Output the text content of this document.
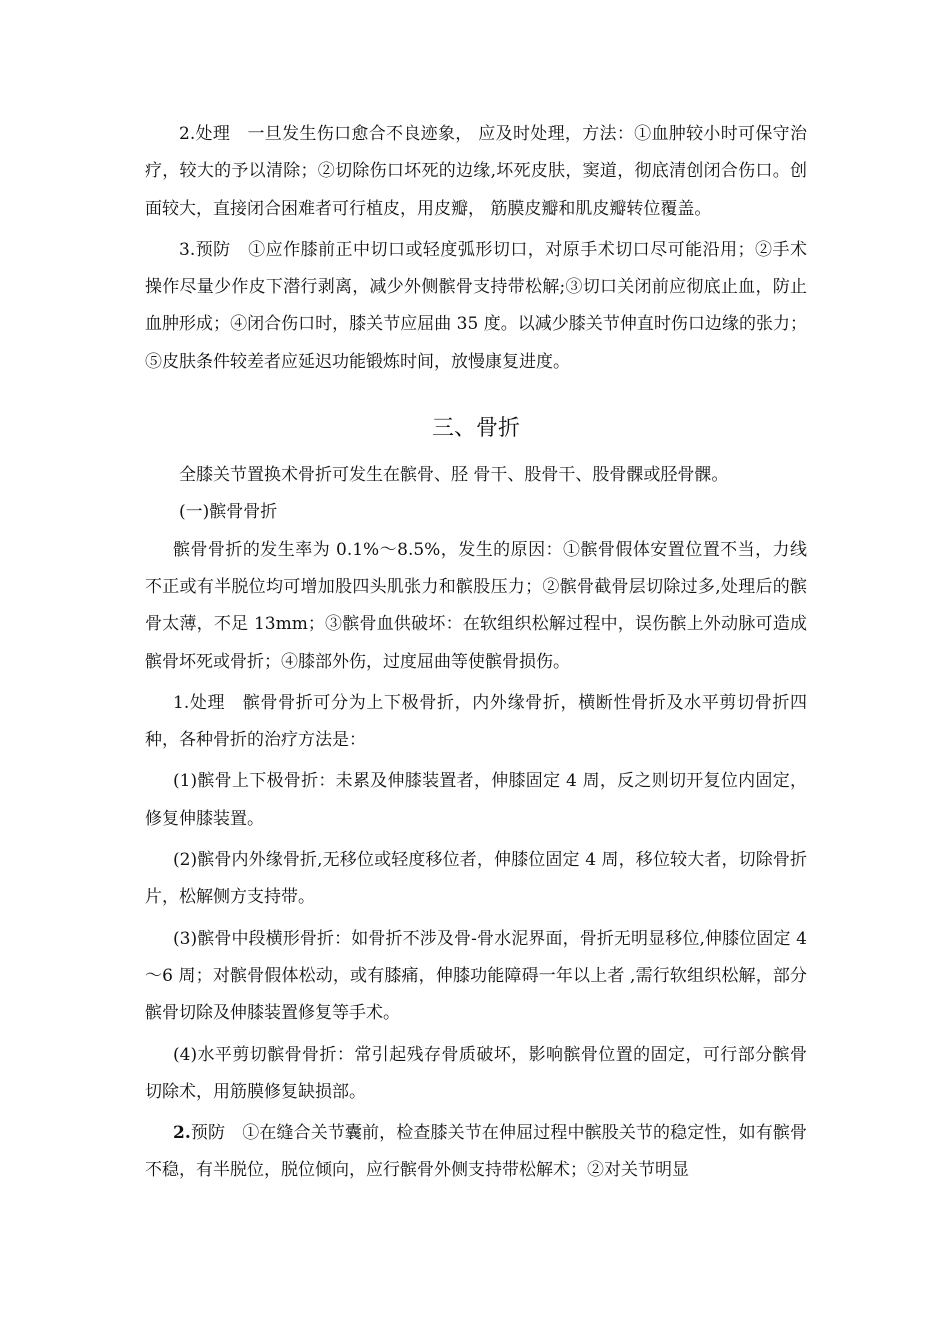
2.处理　一旦发生伤口愈合不良迹象， 应及时处理，方法：①血肿较小时可保守治疗，较大的予以清除；②切除伤口坏死的边缘,坏死皮肤，窦道，彻底清创闭合伤口。创面较大，直接闭合困难者可行植皮，用皮瓣， 筋膜皮瓣和肌皮瓣转位覆盖。

3.预防　①应作膝前正中切口或轻度弧形切口，对原手术切口尽可能沿用；②手术操作尽量少作皮下潜行剥离，减少外侧髌骨支持带松解;③切口关闭前应彻底止血，防止血肿形成；④闭合伤口时，膝关节应屈曲 35 度。以减少膝关节伸直时伤口边缘的张力；⑤皮肤条件较差者应延迟功能锻炼时间，放慢康复进度。

三、骨折

全膝关节置换术骨折可发生在髌骨、胫 骨干、股骨干、股骨髁或胫骨髁。

(一)髌骨骨折

髌骨骨折的发生率为 0.1%～8.5%，发生的原因：①髌骨假体安置位置不当，力线不正或有半脱位均可增加股四头肌张力和髌股压力；②髌骨截骨层切除过多,处理后的髌骨太薄，不足 13mm；③髌骨血供破坏：在软组织松解过程中，误伤髌上外动脉可造成髌骨坏死或骨折；④膝部外伤，过度屈曲等使髌骨损伤。

1.处理　髌骨骨折可分为上下极骨折，内外缘骨折，横断性骨折及水平剪切骨折四种，各种骨折的治疗方法是：

(1)髌骨上下极骨折：未累及伸膝装置者，伸膝固定 4 周，反之则切开复位内固定，修复伸膝装置。

(2)髌骨内外缘骨折,无移位或轻度移位者，伸膝位固定 4 周，移位较大者，切除骨折片，松解侧方支持带。

(3)髌骨中段横形骨折：如骨折不涉及骨-骨水泥界面，骨折无明显移位,伸膝位固定 4～6 周；对髌骨假体松动，或有膝痛，伸膝功能障碍一年以上者 ,需行软组织松解，部分髌骨切除及伸膝装置修复等手术。

(4)水平剪切髌骨骨折：常引起残存骨质破坏，影响髌骨位置的固定，可行部分髌骨切除术，用筋膜修复缺损部。

2.预防　①在缝合关节囊前，检查膝关节在伸屈过程中髌股关节的稳定性，如有髌骨不稳，有半脱位，脱位倾向，应行髌骨外侧支持带松解术；②对关节明显
